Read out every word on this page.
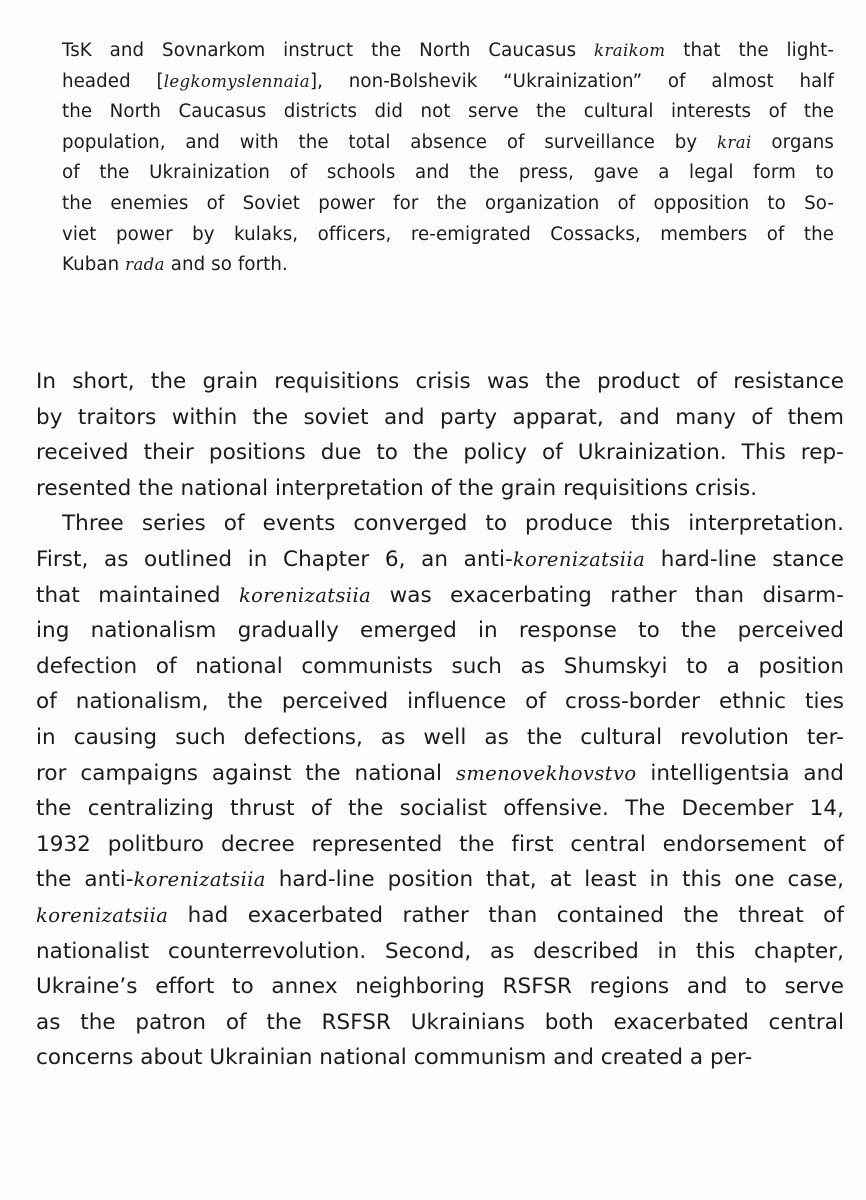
TsK and Sovnarkom instruct the North Caucasus kraikom that the light-
headed [legkomyslennaia], non-Bolshevik “Ukrainization” of almost half
the North Caucasus districts did not serve the cultural interests of the
population, and with the total absence of surveillance by krai organs
of the Ukrainization of schools and the press, gave a legal form to
the enemies of Soviet power for the organization of opposition to So-
viet power by kulaks, officers, re-emigrated Cossacks, members of the
Kuban rada and so forth.

In short, the grain requisitions crisis was the product of resistance
by traitors within the soviet and party apparat, and many of them
received their positions due to the policy of Ukrainization. This rep-
resented the national interpretation of the grain requisitions crisis.

Three series of events converged to produce this interpretation.
First, as outlined in Chapter 6, an anti-korenizatsiia hard-line stance
that maintained korenizatsiia was exacerbating rather than disarm-
ing nationalism gradually emerged in response to the perceived
defection of national communists such as Shumskyi to a position
of nationalism, the perceived influence of cross-border ethnic ties
in causing such defections, as well as the cultural revolution ter-
ror campaigns against the national smenovekhovstvo intelligentsia and
the centralizing thrust of the socialist offensive. The December 14,
1932 politburo decree represented the first central endorsement of
the anti-korenizatsiia hard-line position that, at least in this one case,
korenizatsiia had exacerbated rather than contained the threat of
nationalist counterrevolution. Second, as described in this chapter,
Ukraine’s effort to annex neighboring RSFSR regions and to serve
as the patron of the RSFSR Ukrainians both exacerbated central
concerns about Ukrainian national communism and created a per-
